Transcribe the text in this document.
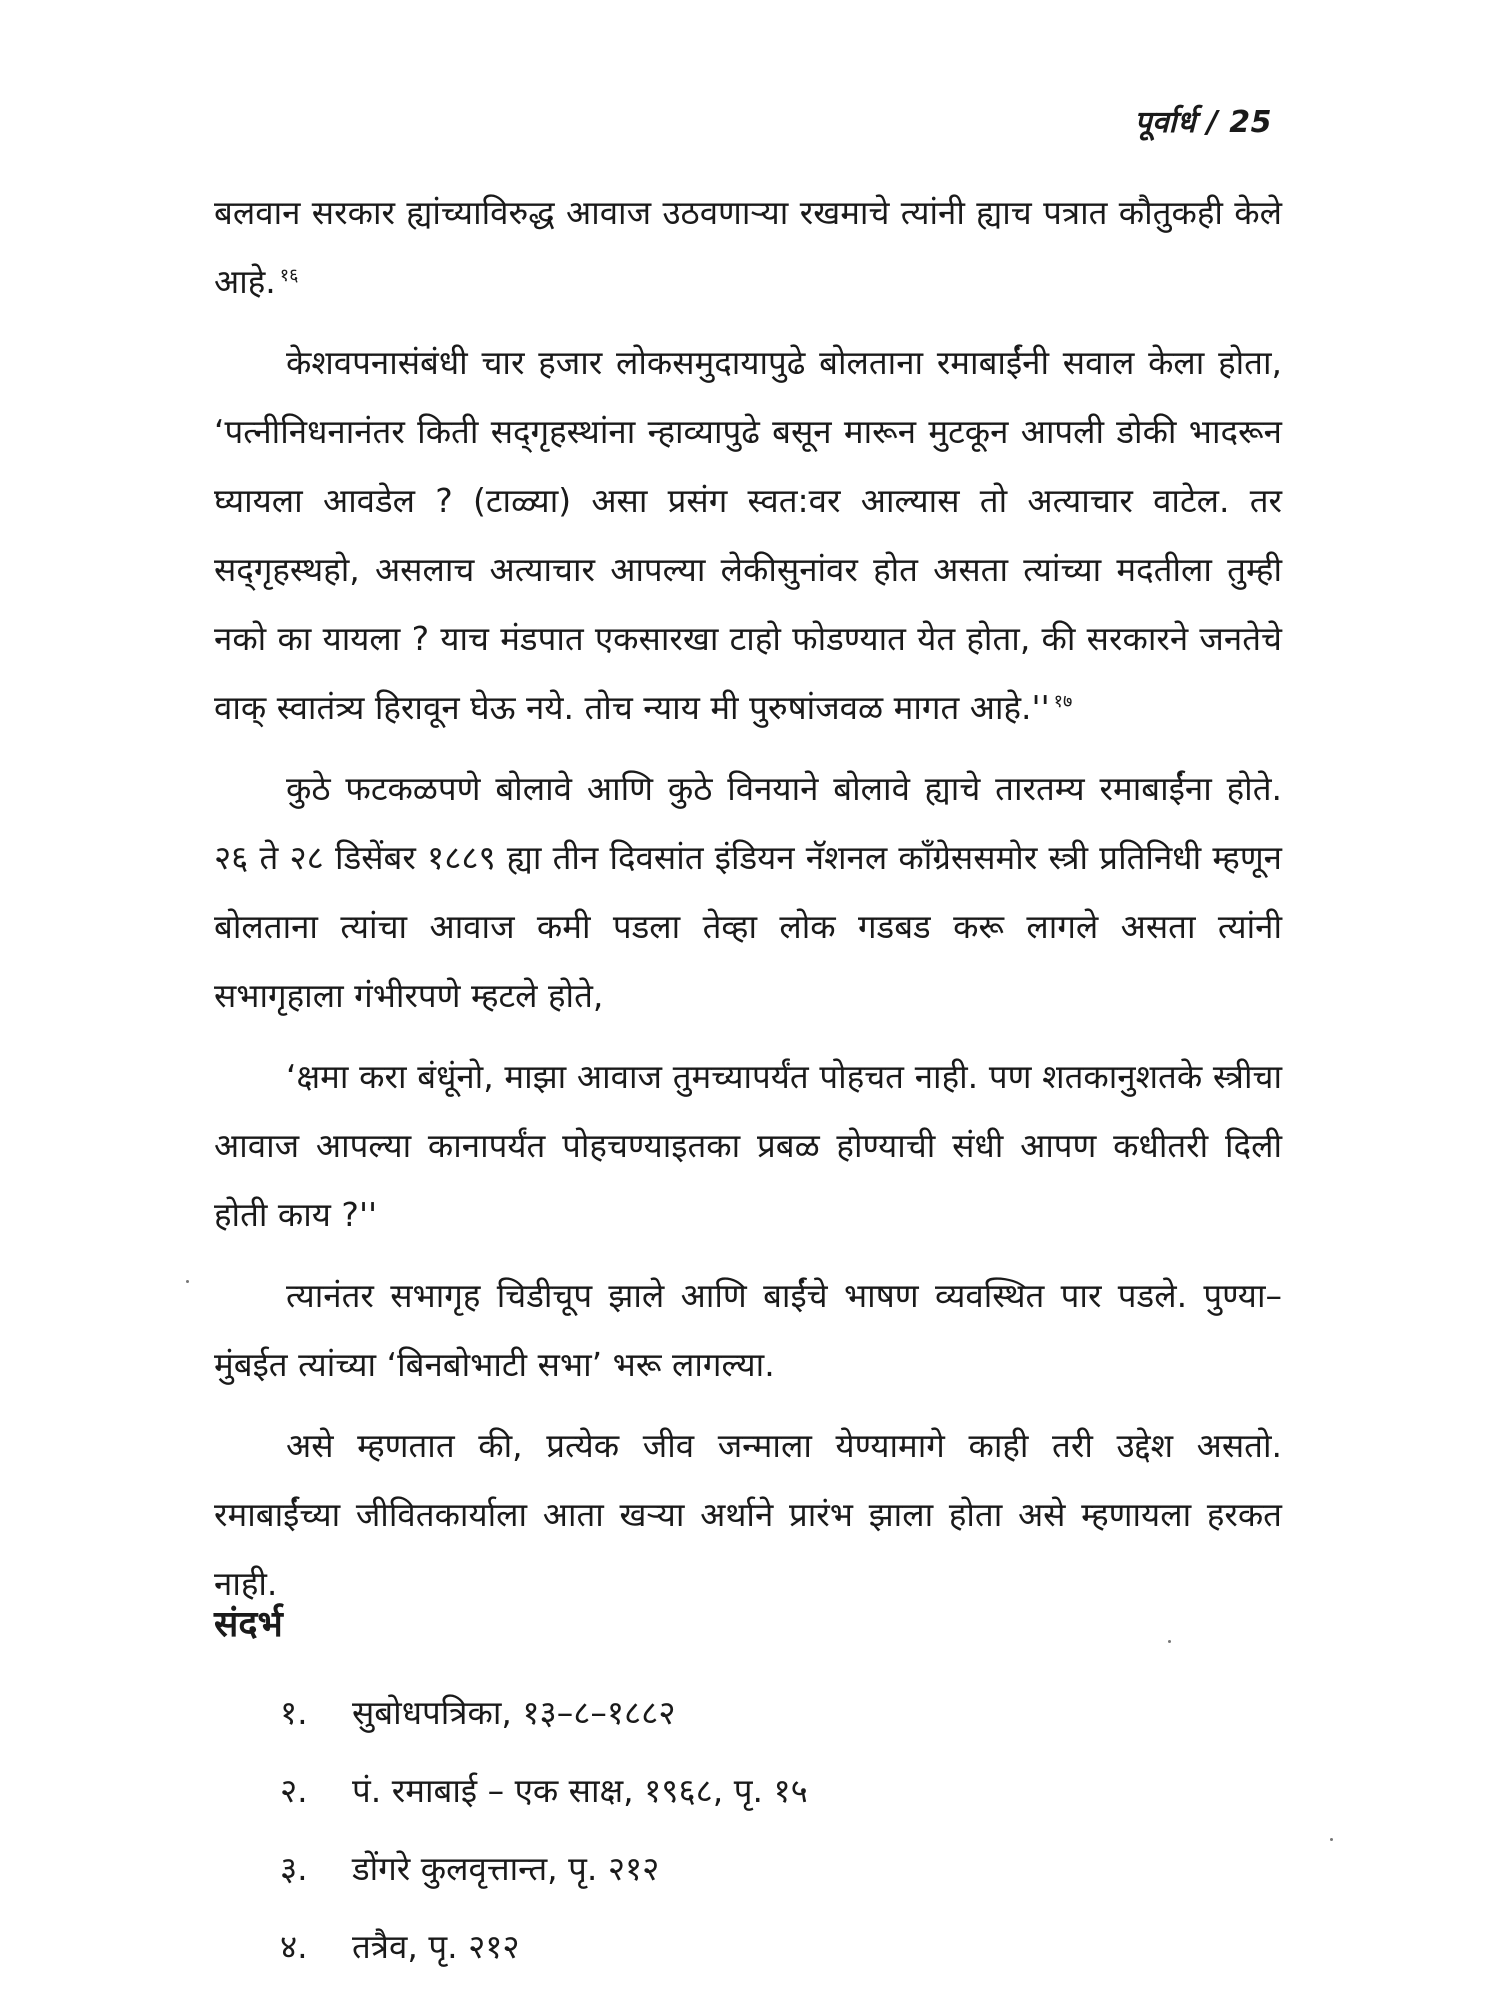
पूर्वार्ध / 25

बलवान सरकार ह्यांच्याविरुद्ध आवाज उठवणाऱ्या रखमाचे त्यांनी ह्याच पत्रात कौतुकही केले आहे. $^{१६}$

केशवपनासंबंधी चार हजार लोकसमुदायापुढे बोलताना रमाबाईंनी सवाल केला होता, ‘पत्नीनिधनानंतर किती सद्‌गृहस्थांना न्हाव्यापुढे बसून मारून मुटकून आपली डोकी भादरून घ्यायला आवडेल ? (टाळ्या) असा प्रसंग स्वत:वर आल्यास तो अत्याचार वाटेल. तर सद्‌गृहस्थहो, असलाच अत्याचार आपल्या लेकीसुनांवर होत असता त्यांच्या मदतीला तुम्ही नको का यायला ? याच मंडपात एकसारखा टाहो फोडण्यात येत होता, की सरकारने जनतेचे वाक् स्वातंत्र्य हिरावून घेऊ नये. तोच न्याय मी पुरुषांजवळ मागत आहे.'' $^{१७}$

कुठे फटकळपणे बोलावे आणि कुठे विनयाने बोलावे ह्याचे तारतम्य रमाबाईंना होते. २६ ते २८ डिसेंबर १८८९ ह्या तीन दिवसांत इंडियन नॅशनल काँग्रेससमोर स्त्री प्रतिनिधी म्हणून बोलताना त्यांचा आवाज कमी पडला तेव्हा लोक गडबड करू लागले असता त्यांनी सभागृहाला गंभीरपणे म्हटले होते,

‘क्षमा करा बंधूंनो, माझा आवाज तुमच्यापर्यंत पोहचत नाही. पण शतकानुशतके स्त्रीचा आवाज आपल्या कानापर्यंत पोहचण्याइतका प्रबळ होण्याची संधी आपण कधीतरी दिली होती काय ?''

त्यानंतर सभागृह चिडीचूप झाले आणि बाईंचे भाषण व्यवस्थित पार पडले. पुण्या–मुंबईत त्यांच्या ‘बिनबोभाटी सभा’ भरू लागल्या.

असे म्हणतात की, प्रत्येक जीव जन्माला येण्यामागे काही तरी उद्देश असतो. रमाबाईंच्या जीवितकार्याला आता खऱ्या अर्थाने प्रारंभ झाला होता असे म्हणायला हरकत नाही.

संदर्भ
१.	सुबोधपत्रिका, १३–८–१८८२
२.	पं. रमाबाई – एक साक्ष, १९६८, पृ. १५
३.	डोंगरे कुलवृत्तान्त, पृ. २१२
४.	तत्रैव, पृ. २१२
